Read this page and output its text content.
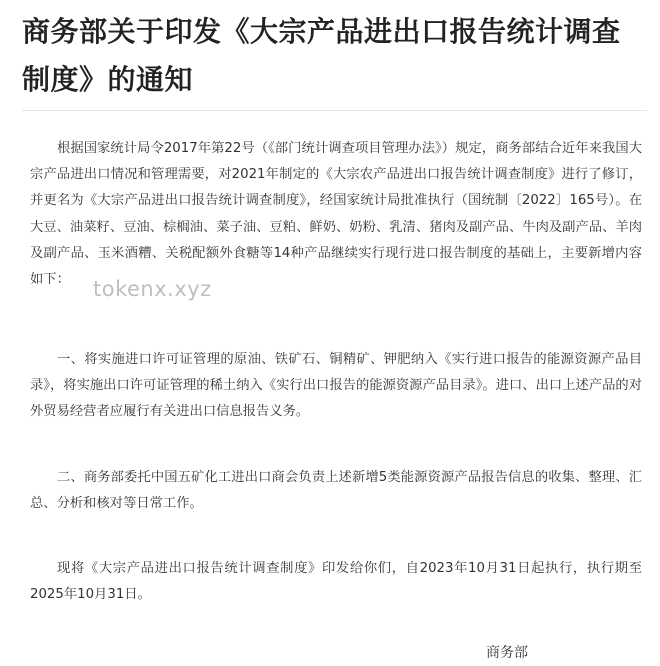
商务部关于印发《大宗产品进出口报告统计调查制度》的通知

根据国家统计局令2017年第22号（《部门统计调查项目管理办法》）规定，商务部结合近年来我国大宗产品进出口情况和管理需要，对2021年制定的《大宗农产品进出口报告统计调查制度》进行了修订，并更名为《大宗产品进出口报告统计调查制度》，经国家统计局批准执行（国统制〔2022〕165号）。在大豆、油菜籽、豆油、棕榈油、菜子油、豆粕、鲜奶、奶粉、乳清、猪肉及副产品、牛肉及副产品、羊肉及副产品、玉米酒糟、关税配额外食糖等14种产品继续实行现行进口报告制度的基础上，主要新增内容如下：

一、将实施进口许可证管理的原油、铁矿石、铜精矿、钾肥纳入《实行进口报告的能源资源产品目录》，将实施出口许可证管理的稀土纳入《实行出口报告的能源资源产品目录》。进口、出口上述产品的对外贸易经营者应履行有关进出口信息报告义务。

二、商务部委托中国五矿化工进出口商会负责上述新增5类能源资源产品报告信息的收集、整理、汇总、分析和核对等日常工作。

现将《大宗产品进出口报告统计调查制度》印发给你们，自2023年10月31日起执行，执行期至2025年10月31日。

tokenx.xyz
商务部
